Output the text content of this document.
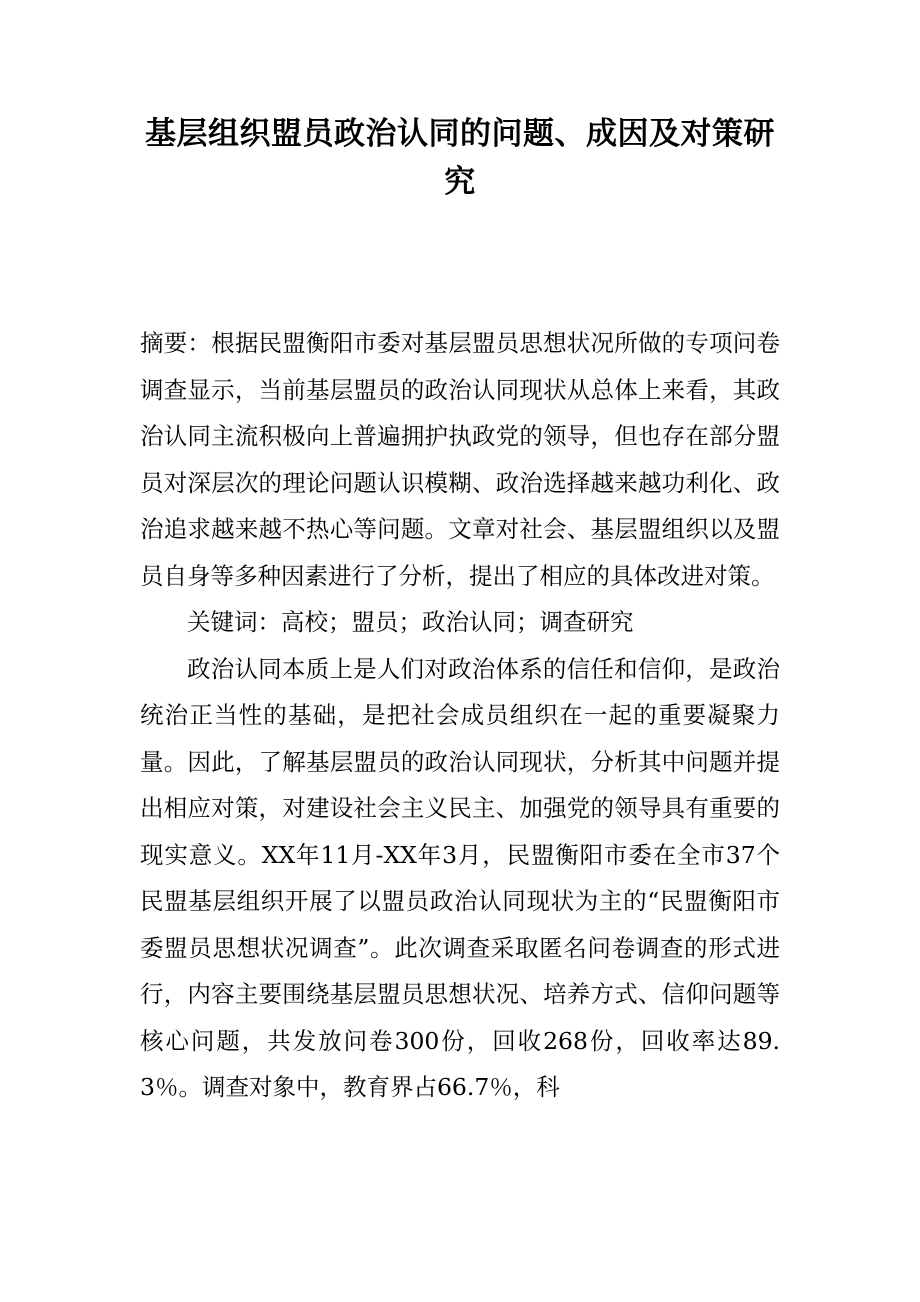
基层组织盟员政治认同的问题、成因及对策研究

摘要：根据民盟衡阳市委对基层盟员思想状况所做的专项问卷调查显示，当前基层盟员的政治认同现状从总体上来看，其政治认同主流积极向上普遍拥护执政党的领导，但也存在部分盟员对深层次的理论问题认识模糊、政治选择越来越功利化、政治追求越来越不热心等问题。文章对社会、基层盟组织以及盟员自身等多种因素进行了分析，提出了相应的具体改进对策。

关键词：高校；盟员；政治认同；调查研究

政治认同本质上是人们对政治体系的信任和信仰，是政治统治正当性的基础，是把社会成员组织在一起的重要凝聚力量。因此，了解基层盟员的政治认同现状，分析其中问题并提出相应对策，对建设社会主义民主、加强党的领导具有重要的现实意义。XX年11月-XX年3月，民盟衡阳市委在全市37个民盟基层组织开展了以盟员政治认同现状为主的“民盟衡阳市委盟员思想状况调查”。此次调查采取匿名问卷调查的形式进行，内容主要围绕基层盟员思想状况、培养方式、信仰问题等核心问题，共发放问卷300份，回收268份，回收率达89.3％。调查对象中，教育界占66.7％，科
